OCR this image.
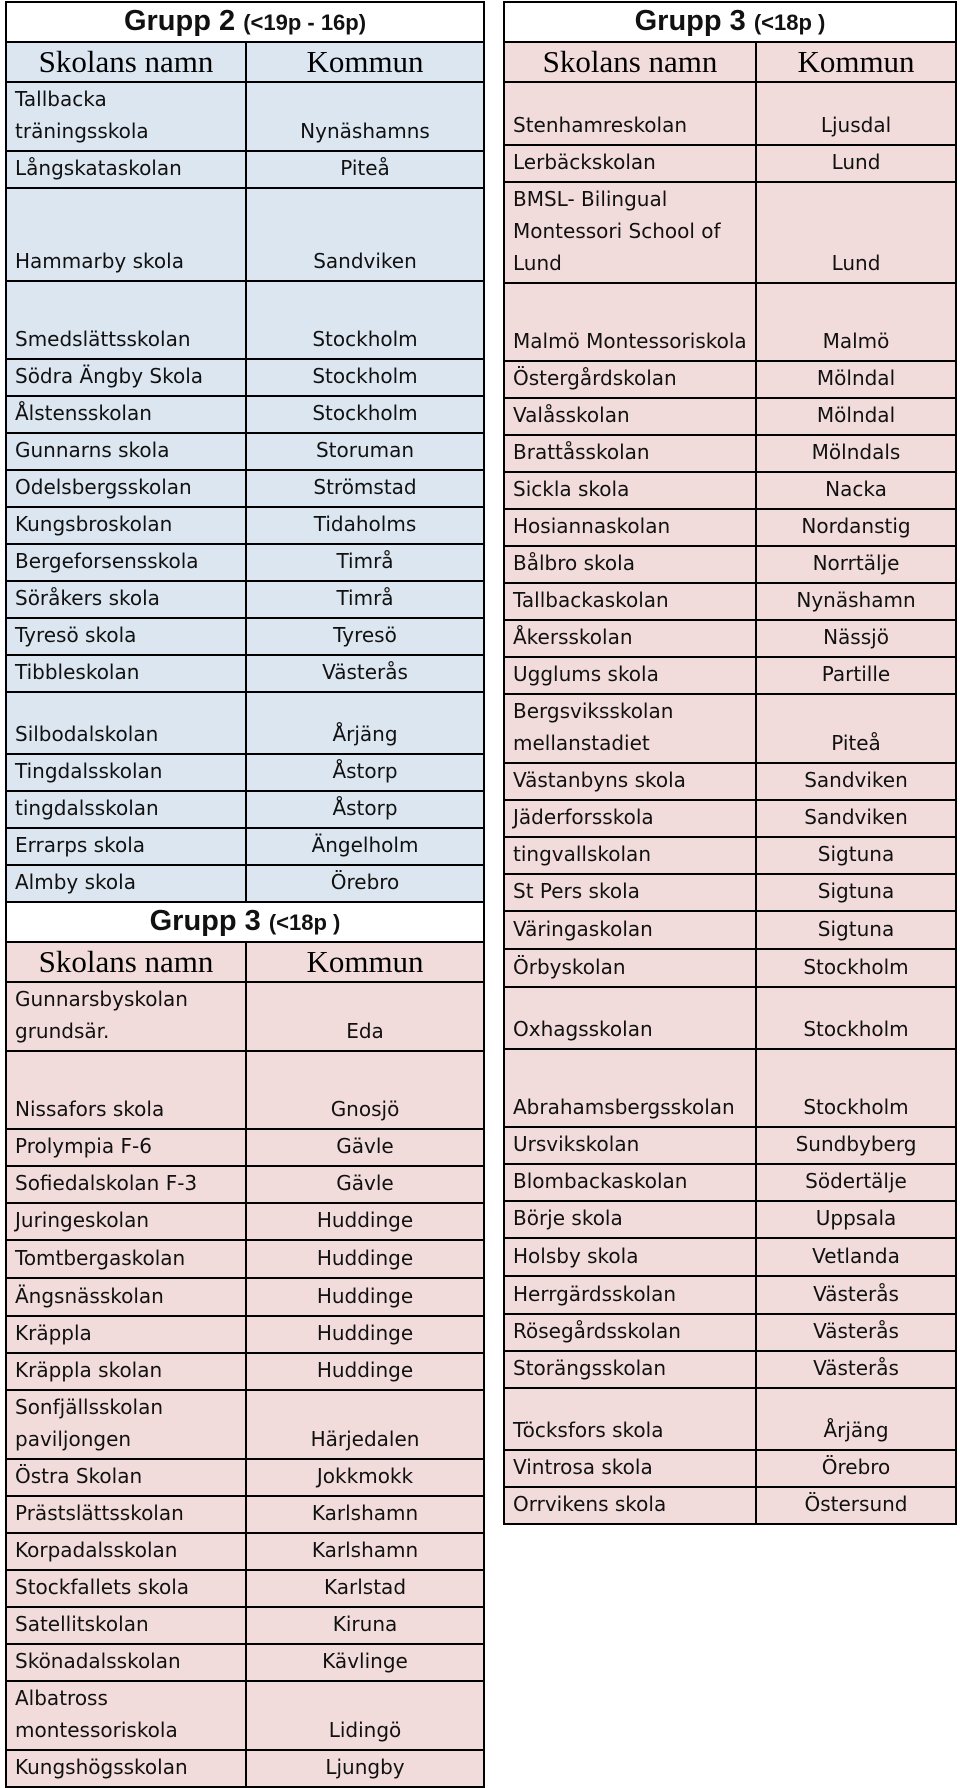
Grupp 2 (<19p - 16p)	
Skolans namn	Kommun
Tallbacka träningsskola	Nynäshamns
Långskataskolan	Piteå
Hammarby skola	Sandviken
Smedslättsskolan	Stockholm
Södra Ängby Skola	Stockholm
Ålstensskolan	Stockholm
Gunnarns skola	Storuman
Odelsbergsskolan	Strömstad
Kungsbroskolan	Tidaholms
Bergeforsensskola	Timrå
Söråkers skola	Timrå
Tyresö skola	Tyresö
Tibbleskolan	Västerås
Silbodalskolan	Årjäng
Tingdalsskolan	Åstorp
tingdalsskolan	Åstorp
Errarps skola	Ängelholm
Almby skola	Örebro
Grupp 3 (<18p )	
Skolans namn	Kommun
Gunnarsbyskolan grundsär.	Eda
Nissafors skola	Gnosjö
Prolympia F-6	Gävle
Sofiedalskolan F-3	Gävle
Juringeskolan	Huddinge
Tomtbergaskolan	Huddinge
Ängsnässkolan	Huddinge
Kräppla	Huddinge
Kräppla skolan	Huddinge
Sonfjällsskolan paviljongen	Härjedalen
Östra Skolan	Jokkmokk
Prästslättsskolan	Karlshamn
Korpadalsskolan	Karlshamn
Stockfallets skola	Karlstad
Satellitskolan	Kiruna
Skönadalsskolan	Kävlinge
Albatross montessoriskola	Lidingö
Kungshögsskolan	Ljungby
Grupp 3 (<18p )	
Skolans namn	Kommun
Stenhamreskolan	Ljusdal
Lerbäckskolan	Lund
BMSL- Bilingual Montessori School of Lund	Lund
Malmö Montessoriskola	Malmö
Östergårdskolan	Mölndal
Valåsskolan	Mölndal
Brattåsskolan	Mölndals
Sickla skola	Nacka
Hosiannaskolan	Nordanstig
Bålbro skola	Norrtälje
Tallbackaskolan	Nynäshamn
Åkersskolan	Nässjö
Ugglums skola	Partille
Bergsviksskolan mellanstadiet	Piteå
Västanbyns skola	Sandviken
Jäderforsskola	Sandviken
tingvallskolan	Sigtuna
St Pers skola	Sigtuna
Väringaskolan	Sigtuna
Örbyskolan	Stockholm
Oxhagsskolan	Stockholm
Abrahamsbergsskolan	Stockholm
Ursvikskolan	Sundbyberg
Blombackaskolan	Södertälje
Börje skola	Uppsala
Holsby skola	Vetlanda
Herrgärdsskolan	Västerås
Rösegårdsskolan	Västerås
Storängsskolan	Västerås
Töcksfors skola	Årjäng
Vintrosa skola	Örebro
Orrvikens skola	Östersund
